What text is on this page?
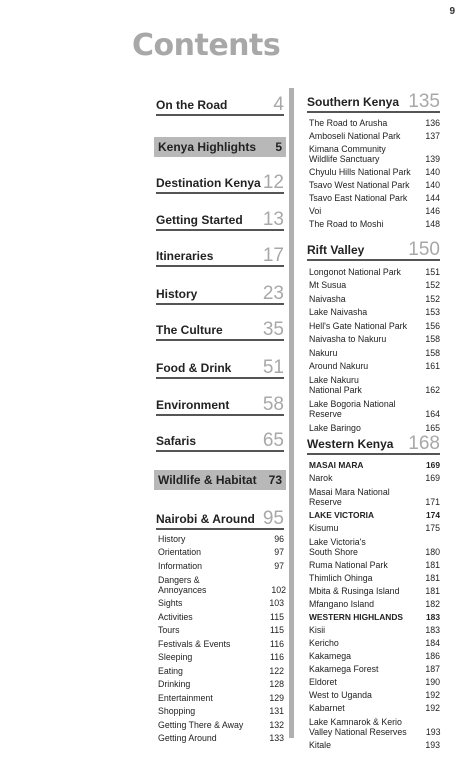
9
Contents
On the Road 4
Kenya Highlights 5
Destination Kenya 12
Getting Started 13
Itineraries	17
History	23
The Culture 35
Food & Drink 51
Environment 58
Safaris	65
Wildlife & Habitat 73
Nairobi & Around 95
History	96
Orientation	97
Information	97
Dangers & Annoyances	102
Sights	103
Activities	115
Tours	115
Festivals & Events	116
Sleeping	116
Eating	122
Drinking	128
Entertainment	129
Shopping	131
Getting There & Away	132
Getting Around	133
Southern Kenya 135
The Road to Arusha	136
Amboseli National Park	137
Kimana Community Wildlife Sanctuary	139
Chyulu Hills National Park	140
Tsavo West National Park	140
Tsavo East National Park	144
Voi	146
The Road to Moshi	148
Rift Valley 150
Longonot National Park	151
Mt Susua	152
Naivasha	152
Lake Naivasha	153
Hell's Gate National Park	156
Naivasha to Nakuru	158
Nakuru	158
Around Nakuru	161
Lake Nakuru National Park	162
Lake Bogoria National Reserve	164
Lake Baringo	165
Western Kenya 168
MASAI MARA	169
Narok	169
Masai Mara National Reserve	171
LAKE VICTORIA	174
Kisumu	175
Lake Victoria's South Shore	180
Ruma National Park	181
Thimlich Ohinga	181
Mbita & Rusinga Island	181
Mfangano Island	182
WESTERN HIGHLANDS	183
Kisii	183
Kericho	184
Kakamega	186
Kakamega Forest	187
Eldoret	190
West to Uganda	192
Kabarnet	192
Lake Kamnarok & Kerio Valley National Reserves	193
Kitale	193
